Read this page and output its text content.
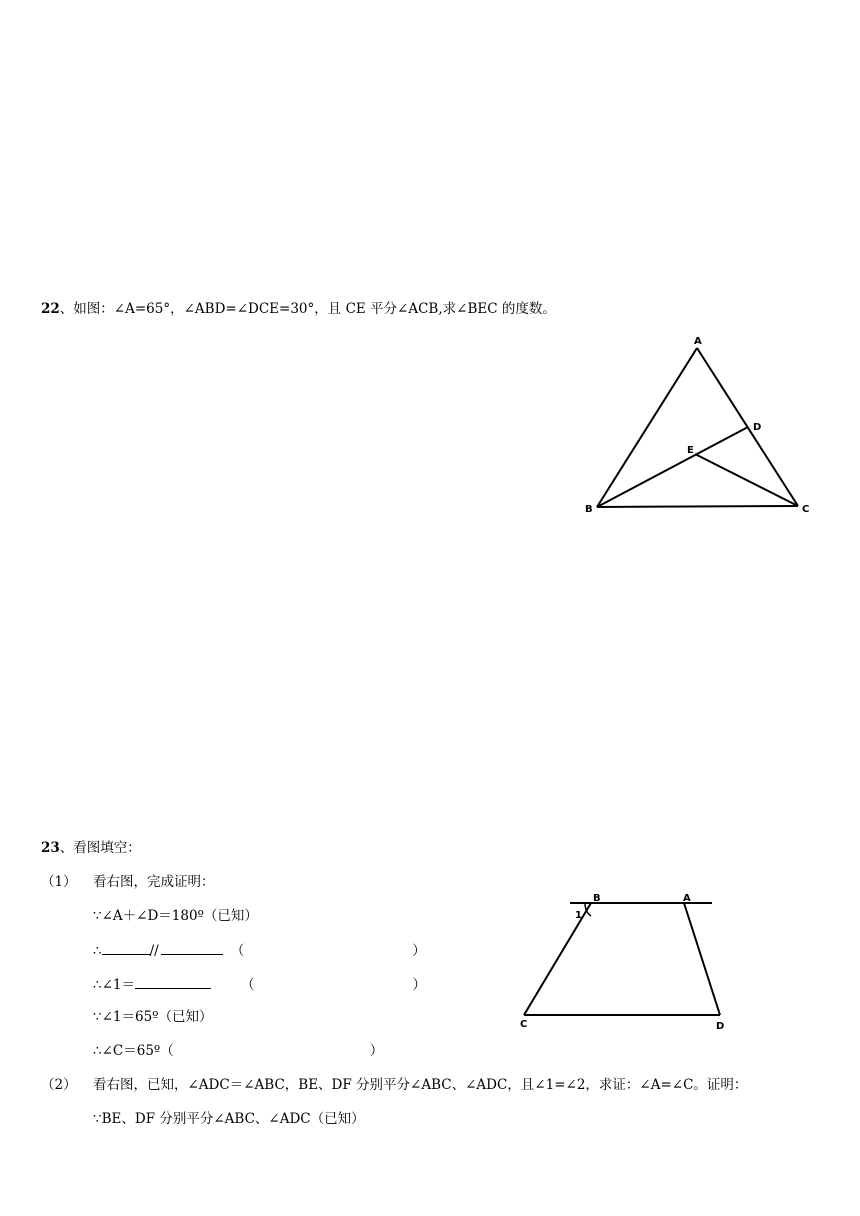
22、如图：∠A=65°，∠ABD=∠DCE=30°，且 CE 平分∠ACB,求∠BEC 的度数。
A
B	C
D
E
B	A
C	D
1
23、看图填空：
（1） 看右图，完成证明：
∵∠A＋∠D＝180º（已知）
∴	//	（	）
∴∠1＝	（	）
∵∠1＝65º（已知）
∴∠C＝65º（	）
（2） 看右图，已知，∠ADC＝∠ABC，BE、DF 分别平分∠ABC、∠ADC，且∠1=∠2，求证：∠A=∠C。证明：
∵BE、DF 分别平分∠ABC、∠ADC（已知）
